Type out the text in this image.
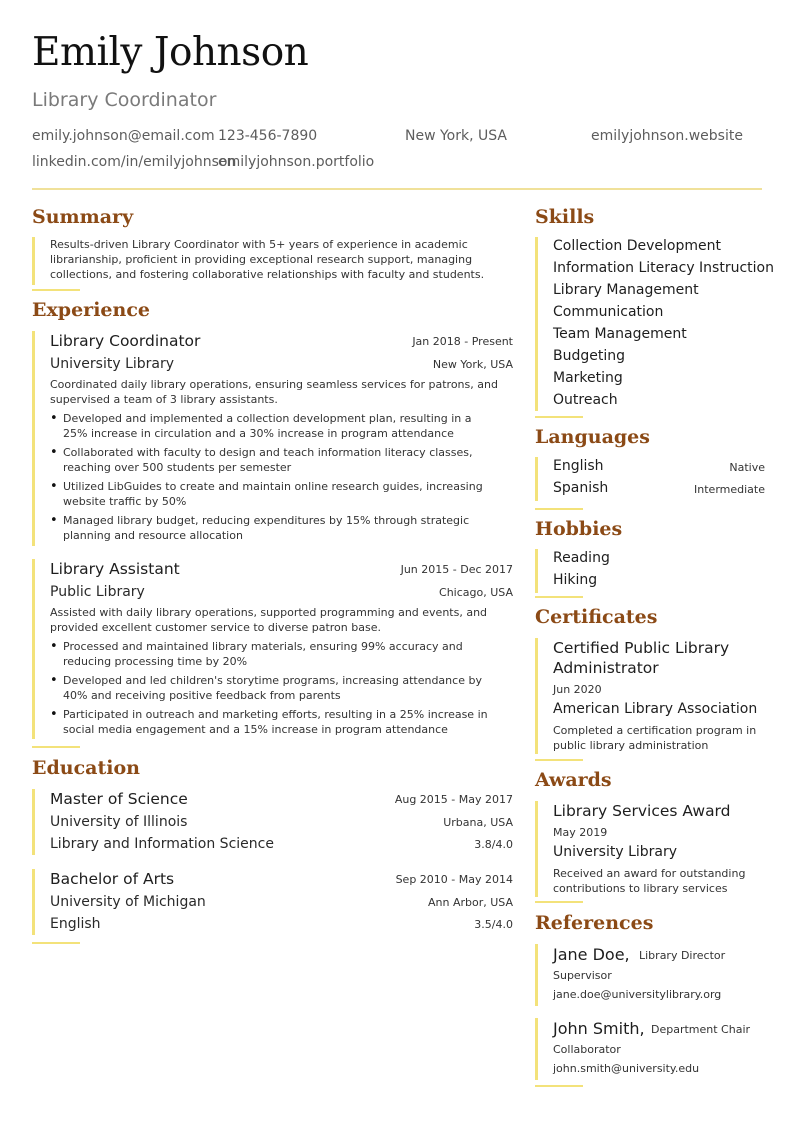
Emily Johnson
Library Coordinator
emily.johnson@email.com 123-456-7890	New York, USA	emilyjohnson.website
linkedin.com/in/emilyjohnson
emilyjohnson.portfolio
Summary
Results-driven Library Coordinator with 5+ years of experience in academic librarianship, proficient in providing exceptional research support, managing collections, and fostering collaborative relationships with faculty and students.
Experience
Library Coordinator	Jan 2018 - Present
University Library	New York, USA
Coordinated daily library operations, ensuring seamless services for patrons, and supervised a team of 3 library assistants.
• Developed and implemented a collection development plan, resulting in a 25% increase in circulation and a 30% increase in program attendance
• Collaborated with faculty to design and teach information literacy classes, reaching over 500 students per semester
• Utilized LibGuides to create and maintain online research guides, increasing website traffic by 50%
• Managed library budget, reducing expenditures by 15% through strategic planning and resource allocation
Library Assistant	Jun 2015 - Dec 2017
Public Library	Chicago, USA
Assisted with daily library operations, supported programming and events, and provided excellent customer service to diverse patron base.
• Processed and maintained library materials, ensuring 99% accuracy and reducing processing time by 20%
• Developed and led children's storytime programs, increasing attendance by 40% and receiving positive feedback from parents
• Participated in outreach and marketing efforts, resulting in a 25% increase in social media engagement and a 15% increase in program attendance
Education
Master of Science	Aug 2015 - May 2017
University of Illinois	Urbana, USA
Library and Information Science	3.8/4.0
Bachelor of Arts	Sep 2010 - May 2014
University of Michigan	Ann Arbor, USA
English	3.5/4.0
Skills
Collection Development
Information Literacy Instruction
Library Management
Communication
Team Management
Budgeting
Marketing
Outreach
Languages
English	Native
Spanish	Intermediate
Hobbies
Reading
Hiking
Certificates
Certified Public Library
Administrator
Jun 2020
American Library Association
Completed a certification program in
public library administration
Awards
Library Services Award
May 2019
University Library
Received an award for outstanding
contributions to library services
References
Jane Doe, Library Director
Supervisor
jane.doe@universitylibrary.org
John Smith, Department Chair
Collaborator
john.smith@university.edu
